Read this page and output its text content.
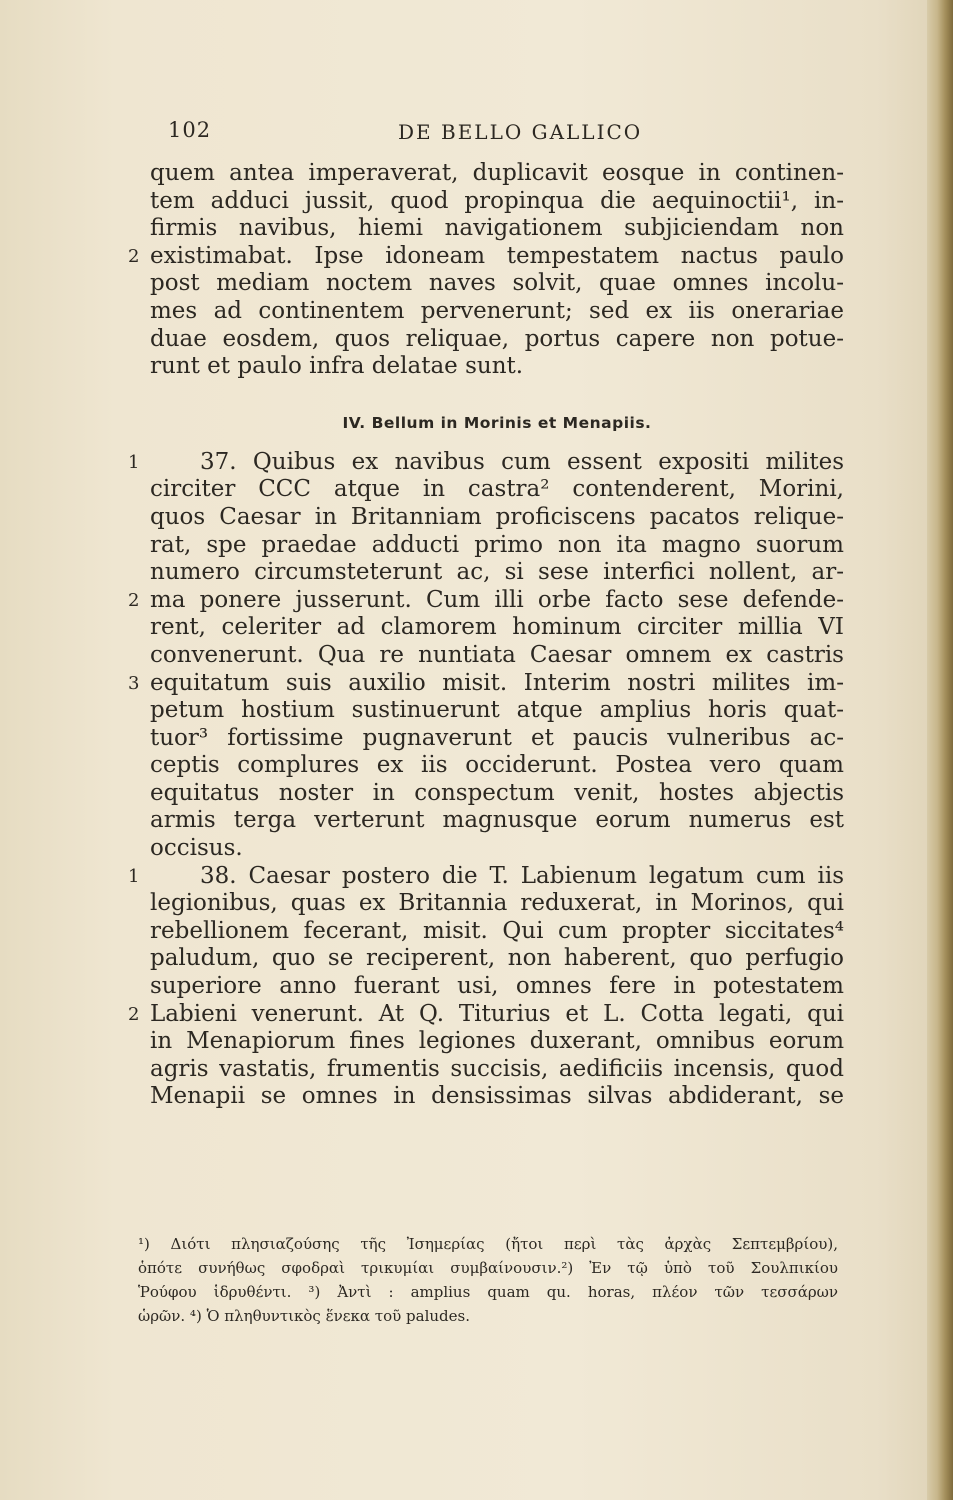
102	DE BELLO GALLICO
quem antea imperaverat, duplicavit eosque in continen-
tem adduci jussit, quod propinqua die aequinoctii¹, in-
firmis navibus, hiemi navigationem subjiciendam non
2 existimabat. Ipse idoneam tempestatem nactus paulo
post mediam noctem naves solvit, quae omnes incolu-
mes ad continentem pervenerunt; sed ex iis onerariae
duae eosdem, quos reliquae, portus capere non potue-
runt et paulo infra delatae sunt.
IV. Bellum in Morinis et Menapiis.
1	37. Quibus ex navibus cum essent expositi milites
circiter CCC atque in castra² contenderent, Morini,
quos Caesar in Britanniam proficiscens pacatos relique-
rat, spe praedae adducti primo non ita magno suorum
numero circumsteterunt ac, si sese interfici nollent, ar-
2 ma ponere jusserunt. Cum illi orbe facto sese defende-
rent, celeriter ad clamorem hominum circiter millia VI
convenerunt. Qua re nuntiata Caesar omnem ex castris
3 equitatum suis auxilio misit. Interim nostri milites im-
petum hostium sustinuerunt atque amplius horis quat-
tuor³ fortissime pugnaverunt et paucis vulneribus ac-
ceptis complures ex iis occiderunt. Postea vero quam
equitatus noster in conspectum venit, hostes abjectis
armis terga verterunt magnusque eorum numerus est
occisus.
1	38. Caesar postero die T. Labienum legatum cum iis
legionibus, quas ex Britannia reduxerat, in Morinos, qui
rebellionem fecerant, misit. Qui cum propter siccitates⁴
paludum, quo se reciperent, non haberent, quo perfugio
superiore anno fuerant usi, omnes fere in potestatem
2 Labieni venerunt. At Q. Titurius et L. Cotta legati, qui
in Menapiorum fines legiones duxerant, omnibus eorum
agris vastatis, frumentis succisis, aedificiis incensis, quod
Menapii se omnes in densissimas silvas abdiderant, se
¹) Διότι πλησιαζούσης τῆς Ἰσημερίας (ἤτοι περὶ τὰς ἀρχὰς Σεπτεμβρίου),
ὁπότε συνήθως σφοδραὶ τρικυμίαι συμβαίνουσιν.²) Ἐν τῷ ὑπὸ τοῦ Σουλπικίου
Ῥούφου ἱδρυθέντι. ³) Ἀντὶ : amplius quam qu. horas, πλέον τῶν τεσσάρων
ὡρῶν. ⁴) Ὁ πληθυντικὸς ἕνεκα τοῦ paludes.
